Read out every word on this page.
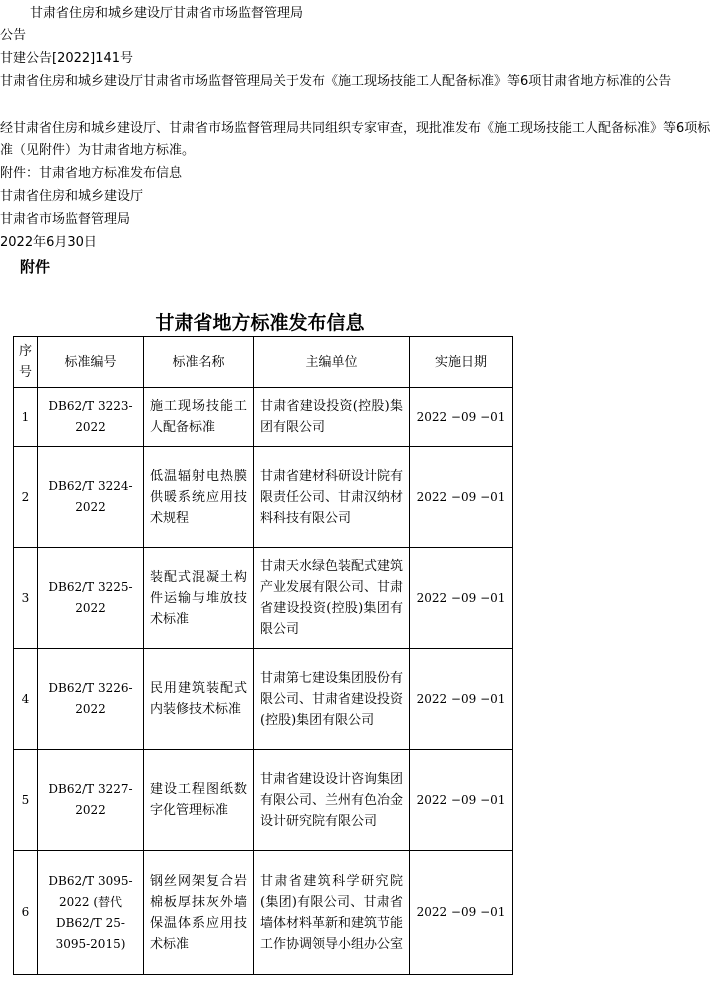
甘肃省住房和城乡建设厅甘肃省市场监督管理局
公告
甘建公告[2022]141号
甘肃省住房和城乡建设厅甘肃省市场监督管理局关于发布《施工现场技能工人配备标准》等6项甘肃省地方标准的公告
经甘肃省住房和城乡建设厅、甘肃省市场监督管理局共同组织专家审查，现批准发布《施工现场技能工人配备标准》等6项标准（见附件）为甘肃省地方标准。
附件：甘肃省地方标准发布信息
甘肃省住房和城乡建设厅
甘肃省市场监督管理局
2022年6月30日
附件
甘肃省地方标准发布信息
序号	标准编号	标准名称	主编单位	实施日期
1	DB62/T 3223-2022	施工现场技能工人配备标准	甘肃省建设投资(控股)集团有限公司	2022 −09 −01
2	DB62/T 3224-2022	低温辐射电热膜供暖系统应用技术规程	甘肃省建材科研设计院有限责任公司、甘肃汉纳材料科技有限公司	2022 −09 −01
3	DB62/T 3225-2022	装配式混凝土构件运输与堆放技术标准	甘肃天水绿色装配式建筑产业发展有限公司、甘肃省建设投资(控股)集团有限公司	2022 −09 −01
4	DB62/T 3226-2022	民用建筑装配式内装修技术标准	甘肃第七建设集团股份有限公司、甘肃省建设投资(控股)集团有限公司	2022 −09 −01
5	DB62/T 3227-2022	建设工程图纸数字化管理标准	甘肃省建设设计咨询集团有限公司、兰州有色冶金设计研究院有限公司	2022 −09 −01
6	DB62/T 3095-2022 (替代 DB62/T 25-3095-2015)	钢丝网架复合岩棉板厚抹灰外墙保温体系应用技术标准	甘肃省建筑科学研究院(集团)有限公司、甘肃省墙体材料革新和建筑节能工作协调领导小组办公室	2022 −09 −01
